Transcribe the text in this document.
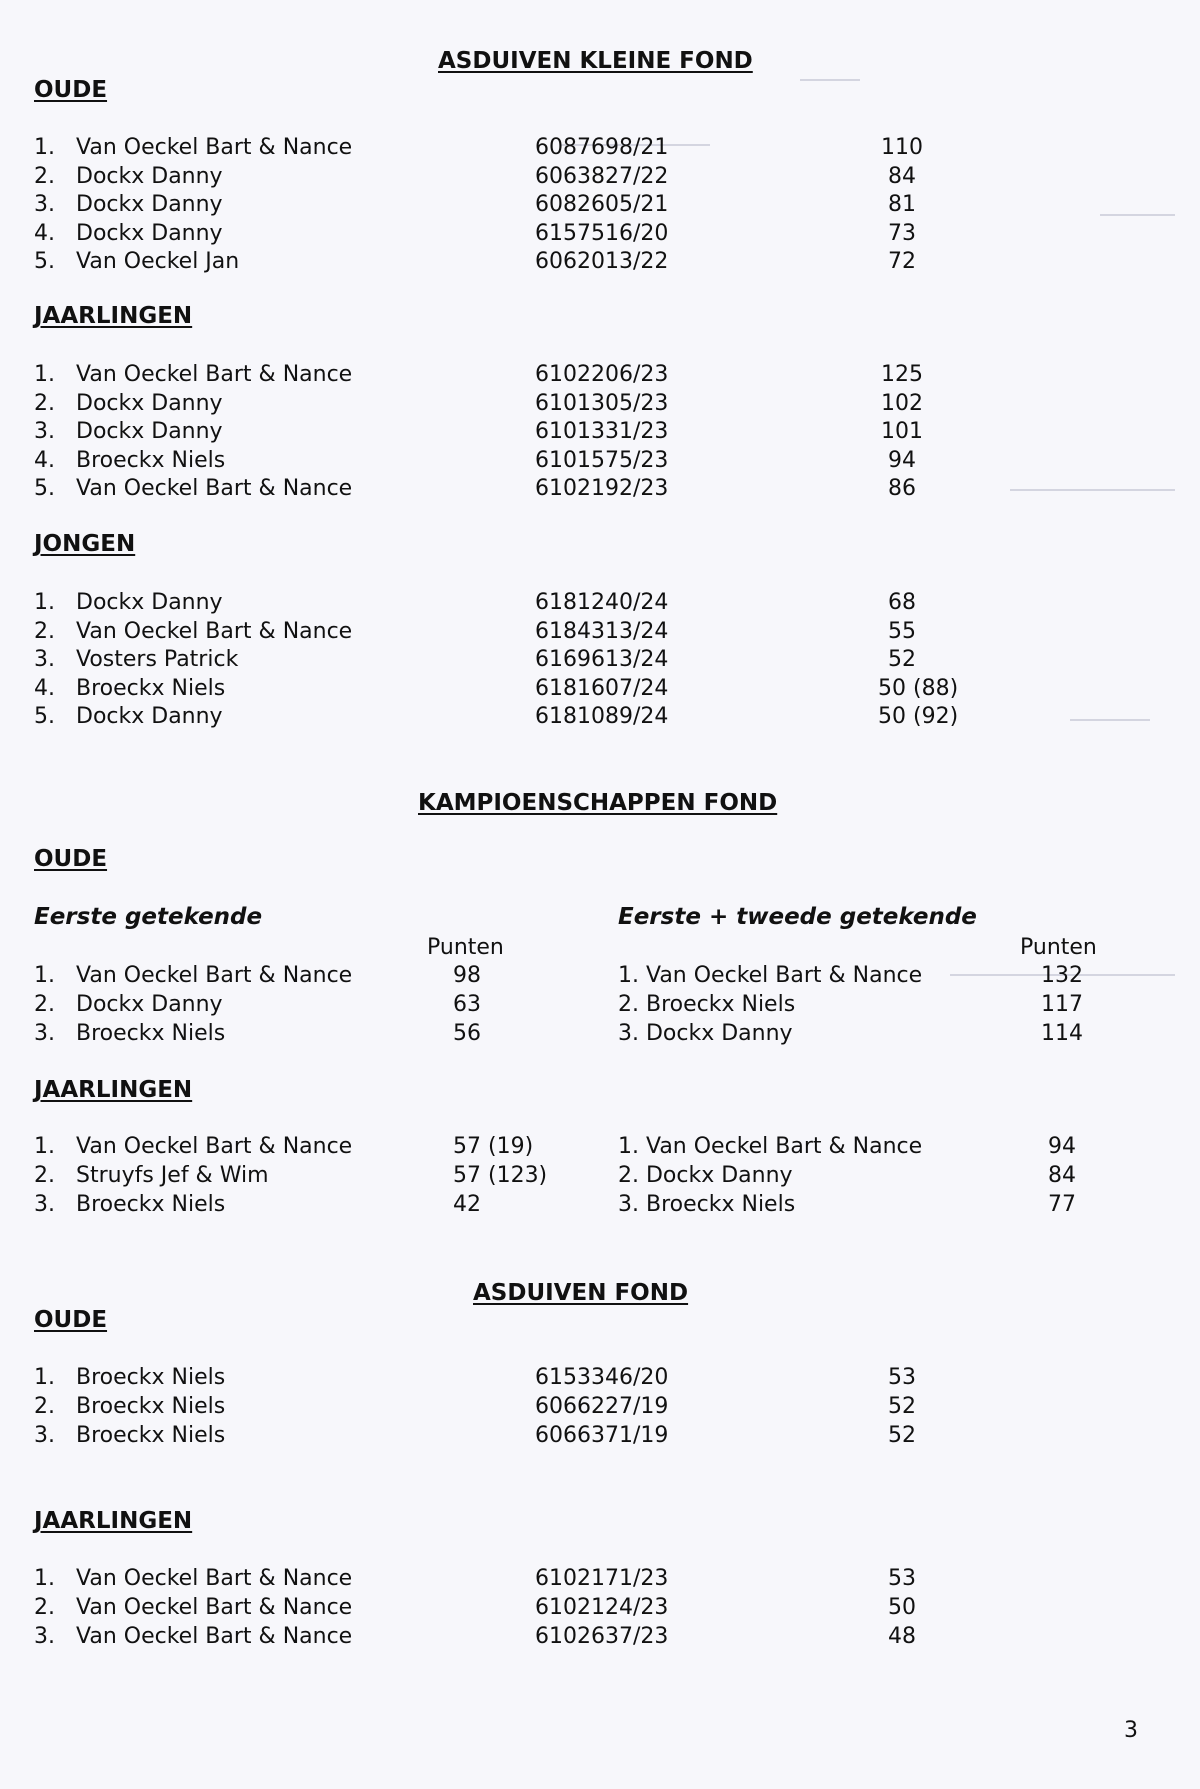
ASDUIVEN KLEINE FOND
OUDE
1. Van Oeckel Bart & Nance	6087698/21	110
2. Dockx Danny	6063827/22	84
3. Dockx Danny	6082605/21	81
4. Dockx Danny	6157516/20	73
5. Van Oeckel Jan	6062013/22	72
JAARLINGEN
1. Van Oeckel Bart & Nance	6102206/23	125
2. Dockx Danny	6101305/23	102
3. Dockx Danny	6101331/23	101
4. Broeckx Niels	6101575/23	94
5. Van Oeckel Bart & Nance	6102192/23	86
JONGEN
1. Dockx Danny	6181240/24	68
2. Van Oeckel Bart & Nance	6184313/24	55
3. Vosters Patrick	6169613/24	52
4. Broeckx Niels	6181607/24	50 (88)
5. Dockx Danny	6181089/24	50 (92)
KAMPIOENSCHAPPEN FOND
OUDE
Eerste getekende	Eerste + tweede getekende
Punten	Punten
1. Van Oeckel Bart & Nance	98
2. Dockx Danny	63
3. Broeckx Niels	56
1. Van Oeckel Bart & Nance	132
2. Broeckx Niels	117
3. Dockx Danny	114
JAARLINGEN
1. Van Oeckel Bart & Nance	57 (19)
2. Struyfs Jef & Wim	57 (123)
3. Broeckx Niels	42
1. Van Oeckel Bart & Nance	94
2. Dockx Danny	84
3. Broeckx Niels	77
ASDUIVEN FOND
OUDE
1. Broeckx Niels	6153346/20	53
2. Broeckx Niels	6066227/19	52
3. Broeckx Niels	6066371/19	52
JAARLINGEN
1. Van Oeckel Bart & Nance	6102171/23	53
2. Van Oeckel Bart & Nance	6102124/23	50
3. Van Oeckel Bart & Nance	6102637/23	48
3
